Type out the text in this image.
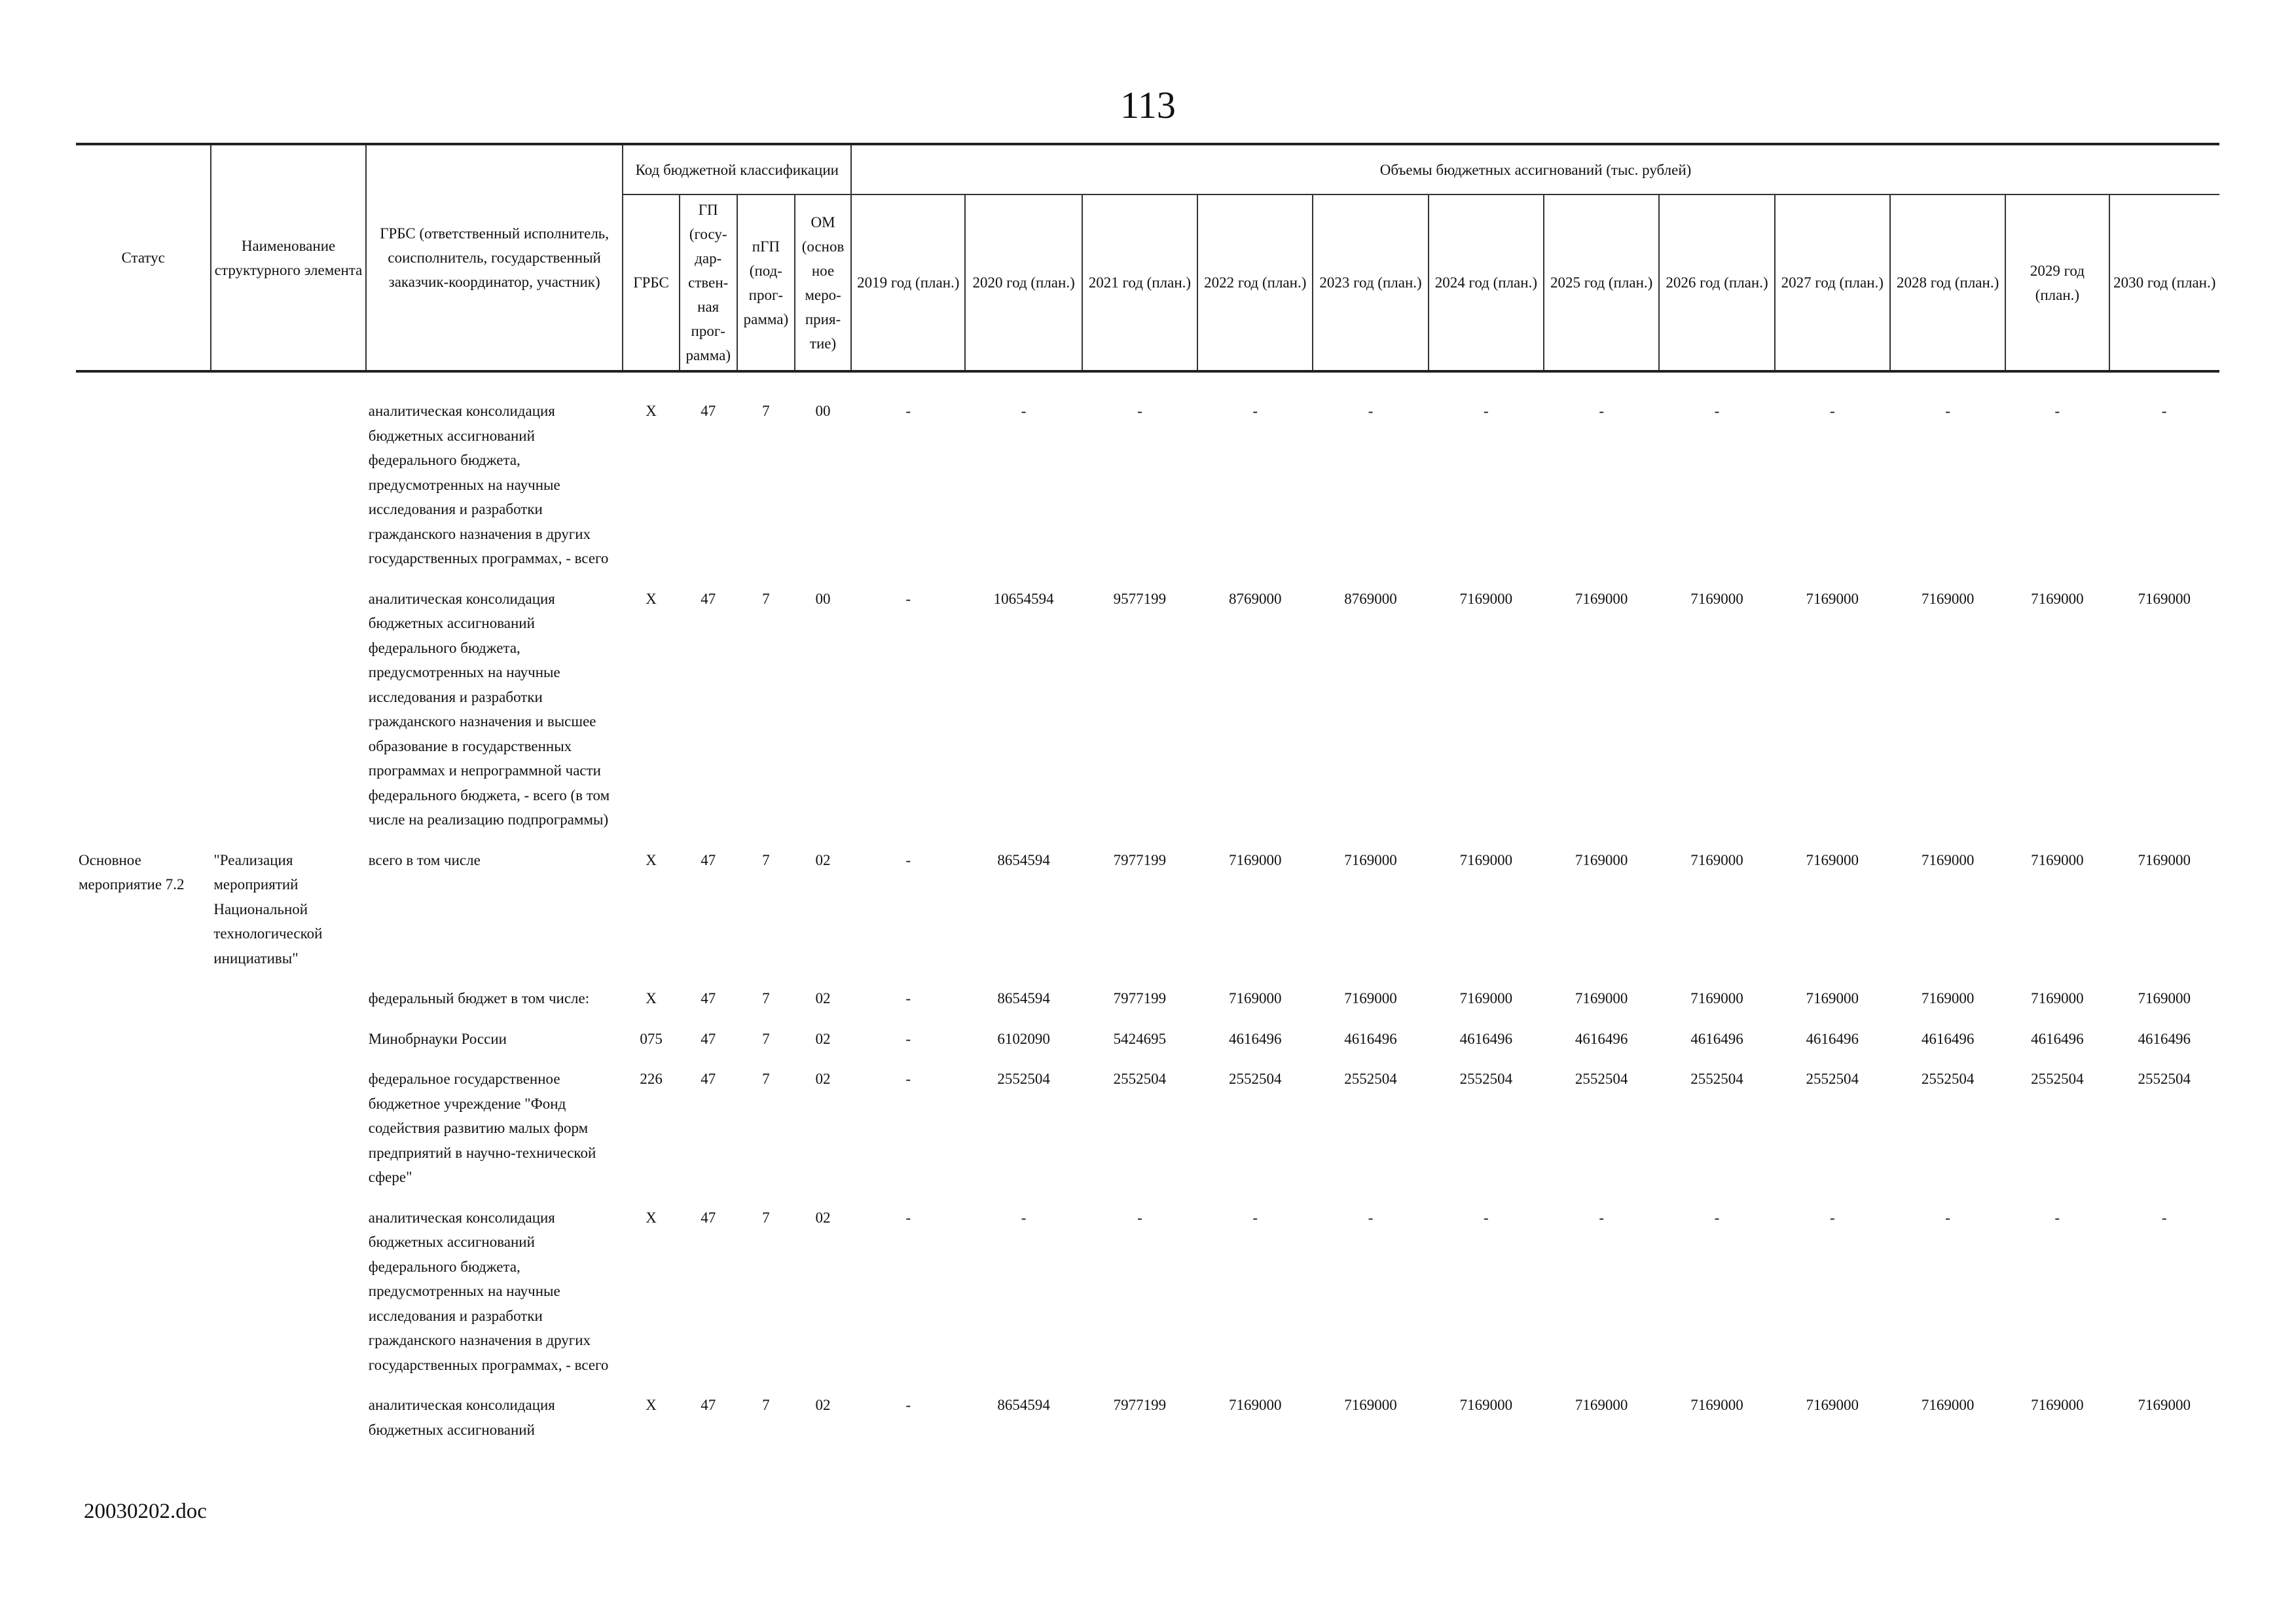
113
Статус	Наименование структурного элемента	ГРБС (ответственный исполнитель, соисполнитель, государственный заказчик-координатор, участник)	Код бюджетной классификации				Объемы бюджетных ассигнований (тыс. рублей)											
			ГРБС	ГП (госу-дар-ствен-ная прог-рамма)	пГП (под-прог-рамма)	ОМ (основ ное меро-прия-тие)	2019 год (план.)	2020 год (план.)	2021 год (план.)	2022 год (план.)	2023 год (план.)	2024 год (план.)	2025 год (план.)	2026 год (план.)	2027 год (план.)	2028 год (план.)	2029 год (план.)	2030 год (план.)
		аналитическая консолидация бюджетных ассигнований федерального бюджета, предусмотренных на научные исследования и разработки гражданского назначения в других государственных программах, - всего	Х	47	7	00	-	-	-	-	-	-	-	-	-	-	-	-
		аналитическая консолидация бюджетных ассигнований федерального бюджета, предусмотренных на научные исследования и разработки гражданского назначения и высшее образование в государственных программах и непрограммной части федерального бюджета, - всего (в том числе на реализацию подпрограммы)	Х	47	7	00	-	10654594	9577199	8769000	8769000	7169000	7169000	7169000	7169000	7169000	7169000	7169000
Основное мероприятие 7.2	"Реализация мероприятий Национальной технологической инициативы"	всего в том числе	Х	47	7	02	-	8654594	7977199	7169000	7169000	7169000	7169000	7169000	7169000	7169000	7169000	7169000
		федеральный бюджет в том числе:	Х	47	7	02	-	8654594	7977199	7169000	7169000	7169000	7169000	7169000	7169000	7169000	7169000	7169000
		Минобрнауки России	075	47	7	02	-	6102090	5424695	4616496	4616496	4616496	4616496	4616496	4616496	4616496	4616496	4616496
		федеральное государственное бюджетное учреждение "Фонд содействия развитию малых форм предприятий в научно-технической сфере"	226	47	7	02	-	2552504	2552504	2552504	2552504	2552504	2552504	2552504	2552504	2552504	2552504	2552504
		аналитическая консолидация бюджетных ассигнований федерального бюджета, предусмотренных на научные исследования и разработки гражданского назначения в других государственных программах, - всего	Х	47	7	02	-	-	-	-	-	-	-	-	-	-	-	-
		аналитическая консолидация бюджетных ассигнований	Х	47	7	02	-	8654594	7977199	7169000	7169000	7169000	7169000	7169000	7169000	7169000	7169000	7169000
20030202.doc
